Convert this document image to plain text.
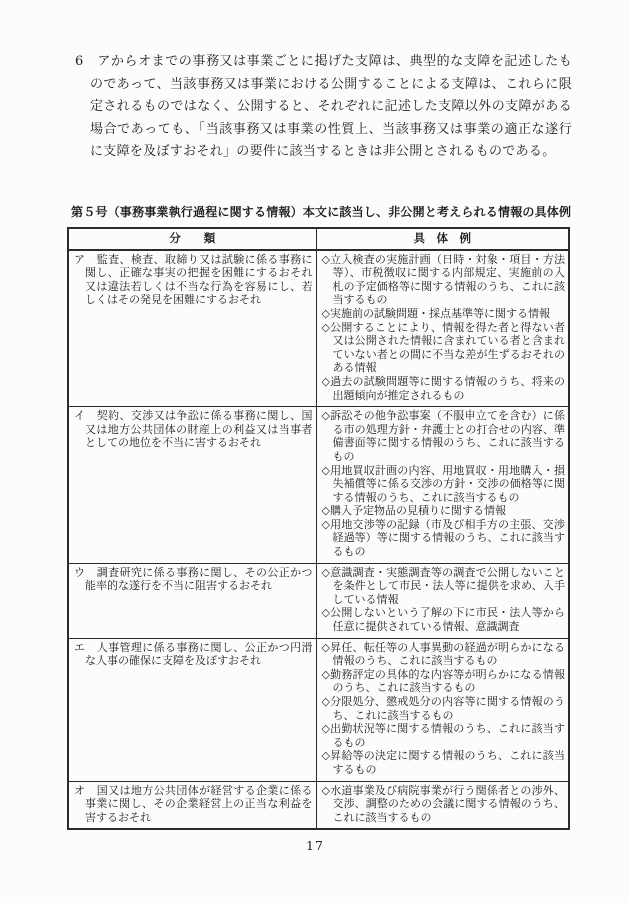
6　アからオまでの事務又は事業ごとに掲げた支障は、典型的な支障を記述したものであって、当該事務又は事業における公開することによる支障は、これらに限定されるものではなく、公開すると、それぞれに記述した支障以外の支障がある場合であっても、「当該事務又は事業の性質上、当該事務又は事業の適正な遂行に支障を及ぼすおそれ」の要件に該当するときは非公開とされるものである。

第５号（事務事業執行過程に関する情報）本文に該当し、非公開と考えられる情報の具体例
分　　類	具　体　例

ア　監査、検査、取締り又は試験に係る事務に関し、正確な事実の把握を困難にするおそれ又は違法若しくは不当な行為を容易にし、若しくはその発見を困難にするおそれ	◇立入検査の実施計画（日時・対象・項目・方法等）、市税徴収に関する内部規定、実施前の入札の予定価格等に関する情報のうち、これに該当するもの
◇実施前の試験問題・採点基準等に関する情報
◇公開することにより、情報を得た者と得ない者又は公開された情報に含まれている者と含まれていない者との間に不当な差が生ずるおそれのある情報
◇過去の試験問題等に関する情報のうち、将来の出題傾向が推定されるもの

イ　契約、交渉又は争訟に係る事務に関し、国又は地方公共団体の財産上の利益又は当事者としての地位を不当に害するおそれ	◇訴訟その他争訟事案（不服申立てを含む）に係る市の処理方針・弁護士との打合せの内容、準備書面等に関する情報のうち、これに該当するもの
◇用地買収計画の内容、用地買収・用地購入・損失補償等に係る交渉の方針・交渉の価格等に関する情報のうち、これに該当するもの
◇購入予定物品の見積りに関する情報
◇用地交渉等の記録（市及び相手方の主張、交渉経過等）等に関する情報のうち、これに該当するもの

ウ　調査研究に係る事務に関し、その公正かつ能率的な遂行を不当に阻害するおそれ	◇意識調査・実態調査等の調査で公開しないことを条件として市民・法人等に提供を求め、入手している情報
◇公開しないという了解の下に市民・法人等から任意に提供されている情報、意識調査

エ　人事管理に係る事務に関し、公正かつ円滑な人事の確保に支障を及ぼすおそれ	◇昇任、転任等の人事異動の経過が明らかになる情報のうち、これに該当するもの
◇勤務評定の具体的な内容等が明らかになる情報のうち、これに該当するもの
◇分限処分、懲戒処分の内容等に関する情報のうち、これに該当するもの
◇出勤状況等に関する情報のうち、これに該当するもの
◇昇給等の決定に関する情報のうち、これに該当するもの

オ　国又は地方公共団体が経営する企業に係る事業に関し、その企業経営上の正当な利益を害するおそれ	◇水道事業及び病院事業が行う関係者との渉外、交渉、調整のための会議に関する情報のうち、これに該当するもの
17
